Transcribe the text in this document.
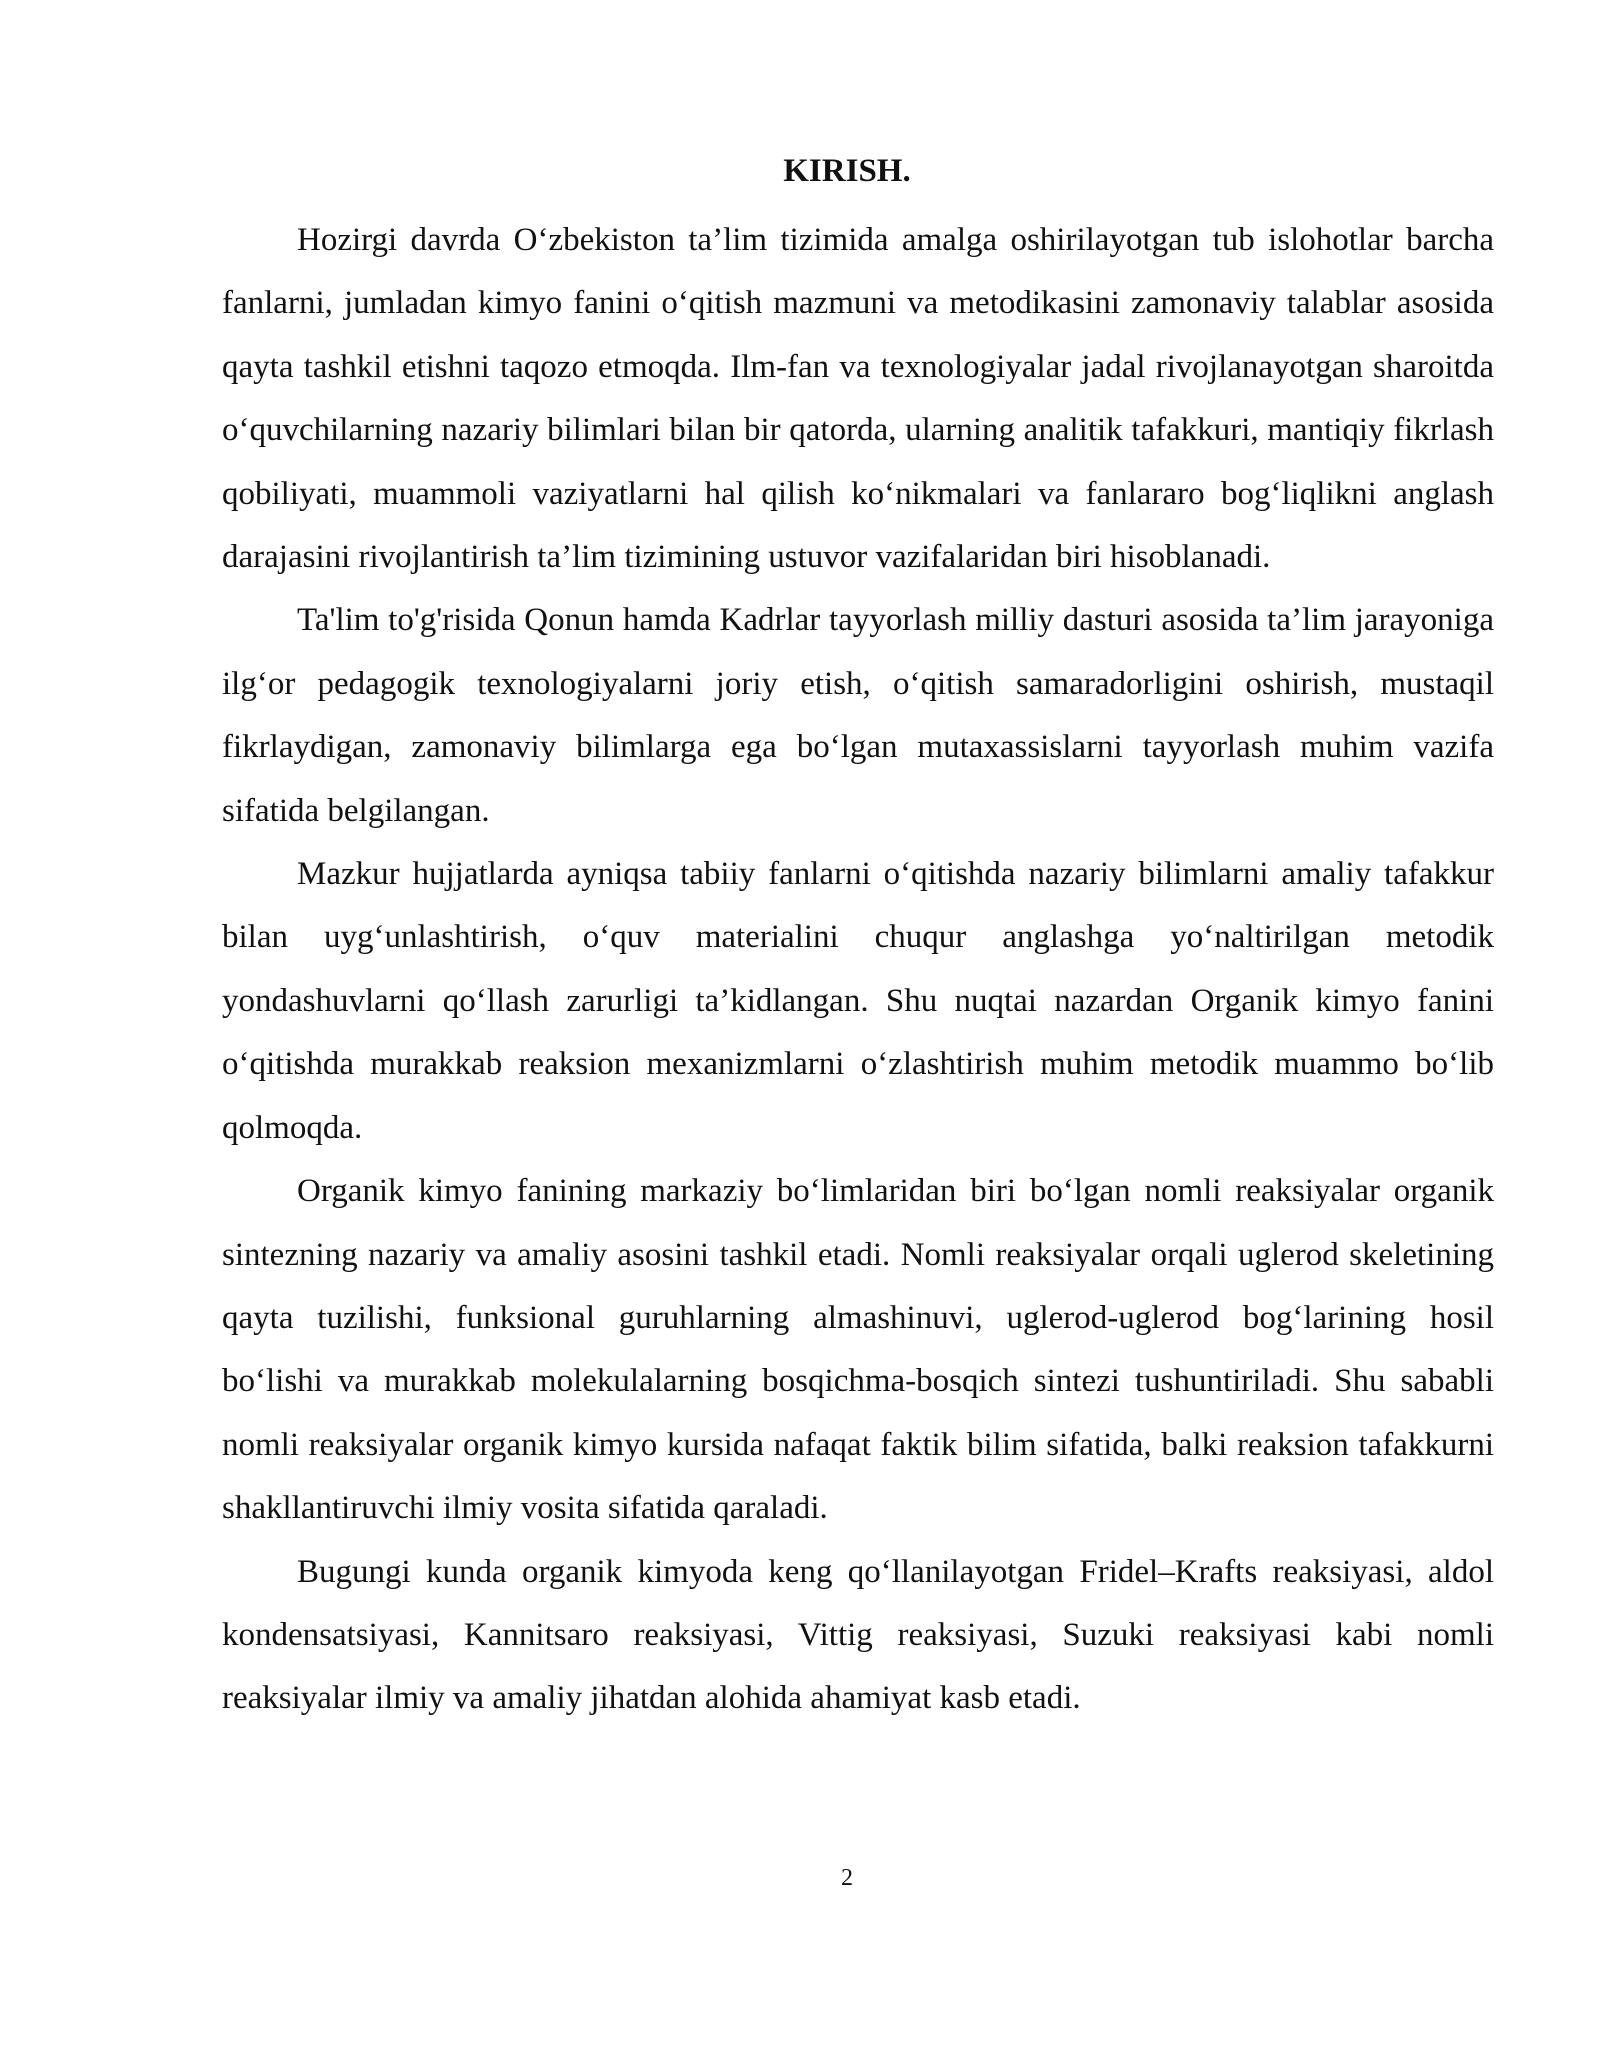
KIRISH.

Hozirgi davrda O‘zbekiston ta’lim tizimida amalga oshirilayotgan tub islohotlar barcha fanlarni, jumladan kimyo fanini o‘qitish mazmuni va metodikasini zamonaviy talablar asosida qayta tashkil etishni taqozo etmoqda. Ilm-fan va texnologiyalar jadal rivojlanayotgan sharoitda o‘quvchilarning nazariy bilimlari bilan bir qatorda, ularning analitik tafakkuri, mantiqiy fikrlash qobiliyati, muammoli vaziyatlarni hal qilish ko‘nikmalari va fanlararo bog‘liqlikni anglash darajasini rivojlantirish ta’lim tizimining ustuvor vazifalaridan biri hisoblanadi.

Ta'lim to'g'risida Qonun hamda Kadrlar tayyorlash milliy dasturi asosida ta’lim jarayoniga ilg‘or pedagogik texnologiyalarni joriy etish, o‘qitish samaradorligini oshirish, mustaqil fikrlaydigan, zamonaviy bilimlarga ega bo‘lgan mutaxassislarni tayyorlash muhim vazifa sifatida belgilangan.

Mazkur hujjatlarda ayniqsa tabiiy fanlarni o‘qitishda nazariy bilimlarni amaliy tafakkur bilan uyg‘unlashtirish, o‘quv materialini chuqur anglashga yo‘naltirilgan metodik yondashuvlarni qo‘llash zarurligi ta’kidlangan. Shu nuqtai nazardan Organik kimyo fanini o‘qitishda murakkab reaksion mexanizmlarni o‘zlashtirish muhim metodik muammo bo‘lib qolmoqda.

Organik kimyo fanining markaziy bo‘limlaridan biri bo‘lgan nomli reaksiyalar organik sintezning nazariy va amaliy asosini tashkil etadi. Nomli reaksiyalar orqali uglerod skeletining qayta tuzilishi, funksional guruhlarning almashinuvi, uglerod-uglerod bog‘larining hosil bo‘lishi va murakkab molekulalarning bosqichma-bosqich sintezi tushuntiriladi. Shu sababli nomli reaksiyalar organik kimyo kursida nafaqat faktik bilim sifatida, balki reaksion tafakkurni shakllantiruvchi ilmiy vosita sifatida qaraladi.

Bugungi kunda organik kimyoda keng qo‘llanilayotgan Fridel–Krafts reaksiyasi, aldol kondensatsiyasi, Kannitsaro reaksiyasi, Vittig reaksiyasi, Suzuki reaksiyasi kabi nomli reaksiyalar ilmiy va amaliy jihatdan alohida ahamiyat kasb etadi.

2
